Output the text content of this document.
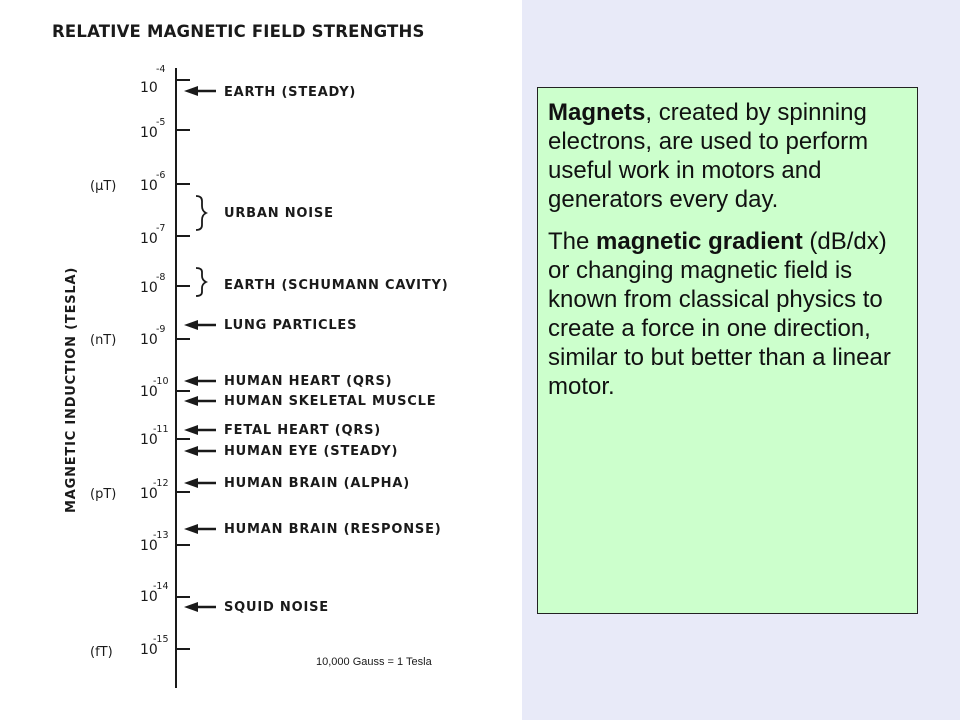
RELATIVE MAGNETIC FIELD STRENGTHS
MAGNETIC INDUCTION (TESLA)
10
-4
10
-5
10
-6
10
-7
10
-8
10
-9
10
-10
10
-11
10
-12
10
-13
10
-14
10
-15
(μT)
(nT)
(pT)
(fT)
EARTH (STEADY)
URBAN NOISE
EARTH (SCHUMANN CAVITY)
LUNG PARTICLES
HUMAN HEART (QRS)
HUMAN SKELETAL MUSCLE
FETAL HEART (QRS)
HUMAN EYE (STEADY)
HUMAN BRAIN (ALPHA)
HUMAN BRAIN (RESPONSE)
SQUID NOISE
10,000 Gauss = 1 Tesla

Magnets, created by spinning electrons, are used to perform useful work in motors and generators every day.

The magnetic gradient (dB/dx) or changing magnetic field is known from classical physics to create a force in one direction, similar to but better than a linear motor.
